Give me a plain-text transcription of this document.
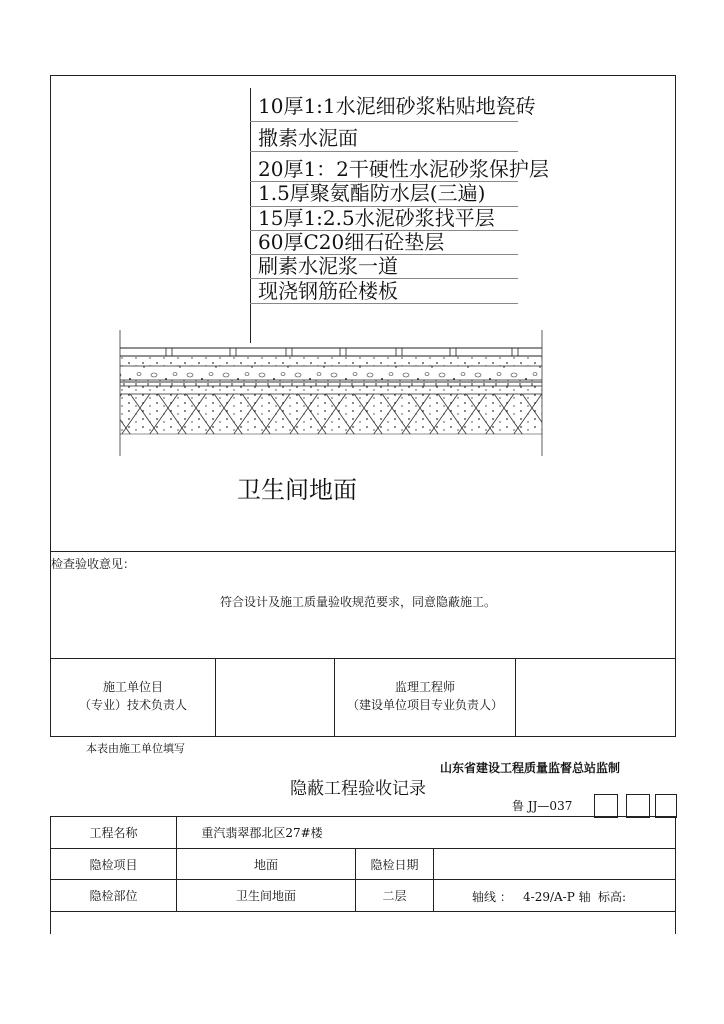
10厚1:1水泥细砂浆粘贴地瓷砖
撒素水泥面
20厚1：2干硬性水泥砂浆保护层
1.5厚聚氨酯防水层(三遍)
15厚1:2.5水泥砂浆找平层
60厚C20细石砼垫层
刷素水泥浆一道
现浇钢筋砼楼板
卫生间地面
检查验收意见：
符合设计及施工质量验收规范要求，同意隐蔽施工。
施工单位目
（专业）技术负责人
监理工程师
（建设单位项目专业负责人）
本表由施工单位填写
山东省建设工程质量监督总站监制
隐蔽工程验收记录
鲁 JJ—037
工程名称	重汽翡翠郡北区27#楼
隐检项目	地面	隐检日期
隐检部位	卫生间地面	二层	轴线 ： 4-29/A-P 轴 标高:
